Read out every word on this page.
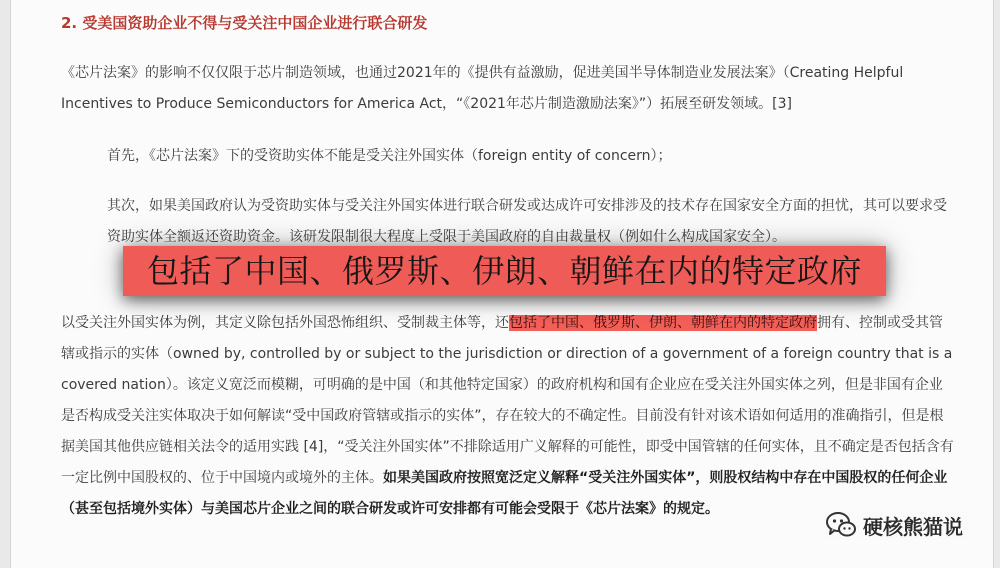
2. 受美国资助企业不得与受关注中国企业进行联合研发
《芯片法案》的影响不仅仅限于芯片制造领域，也通过2021年的《提供有益激励，促进美国半导体制造业发展法案》（Creating Helpful Incentives to Produce Semiconductors for America Act，“《2021年芯片制造激励法案》”）拓展至研发领域。[3]
首先，《芯片法案》下的受资助实体不能是受关注外国实体（foreign entity of concern）；
其次，如果美国政府认为受资助实体与受关注外国实体进行联合研发或达成许可安排涉及的技术存在国家安全方面的担忧，其可以要求受资助实体全额返还资助资金。该研发限制很大程度上受限于美国政府的自由裁量权（例如什么构成国家安全）。
以受关注外国实体为例，其定义除包括外国恐怖组织、受制裁主体等，还包括了中国、俄罗斯、伊朗、朝鲜在内的特定政府拥有、控制或受其管辖或指示的实体（owned by, controlled by or subject to the jurisdiction or direction of a government of a foreign country that is a covered nation）。该定义宽泛而模糊，可明确的是中国（和其他特定国家）的政府机构和国有企业应在受关注外国实体之列，但是非国有企业是否构成受关注实体取决于如何解读“受中国政府管辖或指示的实体”，存在较大的不确定性。目前没有针对该术语如何适用的准确指引，但是根据美国其他供应链相关法令的适用实践 [4]，“受关注外国实体”不排除适用广义解释的可能性，即受中国管辖的任何实体，且不确定是否包括含有一定比例中国股权的、位于中国境内或境外的主体。如果美国政府按照宽泛定义解释“受关注外国实体”，则股权结构中存在中国股权的任何企业（甚至包括境外实体）与美国芯片企业之间的联合研发或许可安排都有可能会受限于《芯片法案》的规定。
包括了中国、俄罗斯、伊朗、朝鲜在内的特定政府
硬核熊猫说
